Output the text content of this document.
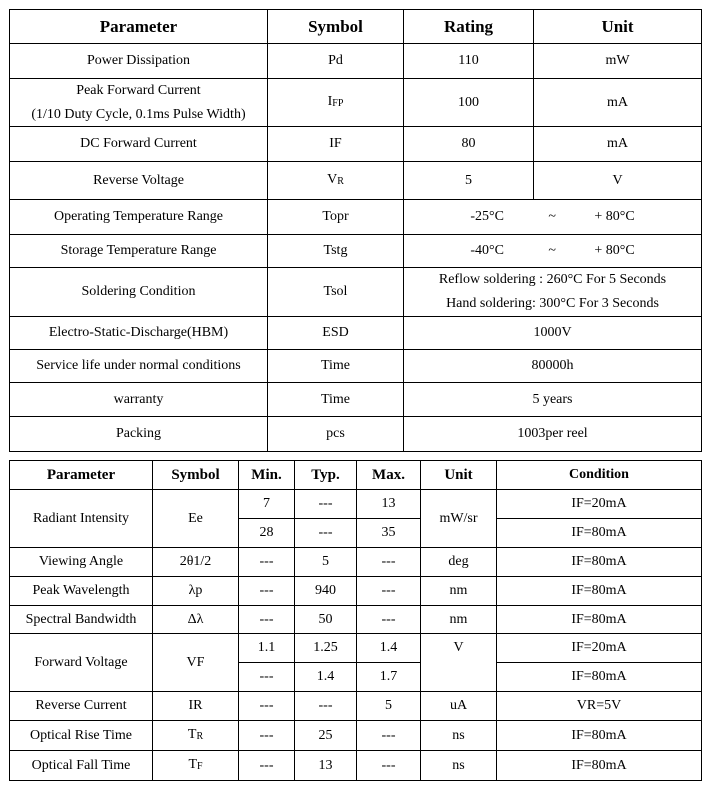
Parameter	Symbol	Rating	Unit
Power Dissipation	Pd	110	mW

Peak Forward Current
(1/10 Duty Cycle, 0.1ms Pulse Width)	$I_{FP}$	100	mA
DC Forward Current	IF	80	mA
Reverse Voltage	$V_R$	5	V
Operating Temperature Range	Topr	-25°C ~ + 80°C	
Storage Temperature Range	Tstg	-40°C ~ + 80°C	
Soldering Condition	Tsol	Reflow soldering : 260°C For 5 Seconds
Hand soldering: 300°C For 3 Seconds	

Electro-Static-Discharge(HBM)	ESD	1000V	
Service life under normal conditions	Time	80000h	
warranty	Time	5 years	
Packing	pcs	1003per reel	
Parameter	Symbol	Min.	Typ.	Max.	Unit	Condition
Radiant Intensity	Ee	7	---	13	mW/sr	IF=20mA
		28	---	35		IF=80mA
Viewing Angle	2θ1/2	---	5	---	deg	IF=80mA
Peak Wavelength	λp	---	940	---	nm	IF=80mA
Spectral Bandwidth	Δλ	---	50	---	nm	IF=80mA
Forward Voltage	VF	1.1	1.25	1.4	V	IF=20mA
		---	1.4	1.7		IF=80mA
Reverse Current	IR	---	---	5	uA	VR=5V
Optical Rise Time	$T_R$	---	25	---	ns	IF=80mA
Optical Fall Time	$T_F$	---	13	---	ns	IF=80mA
